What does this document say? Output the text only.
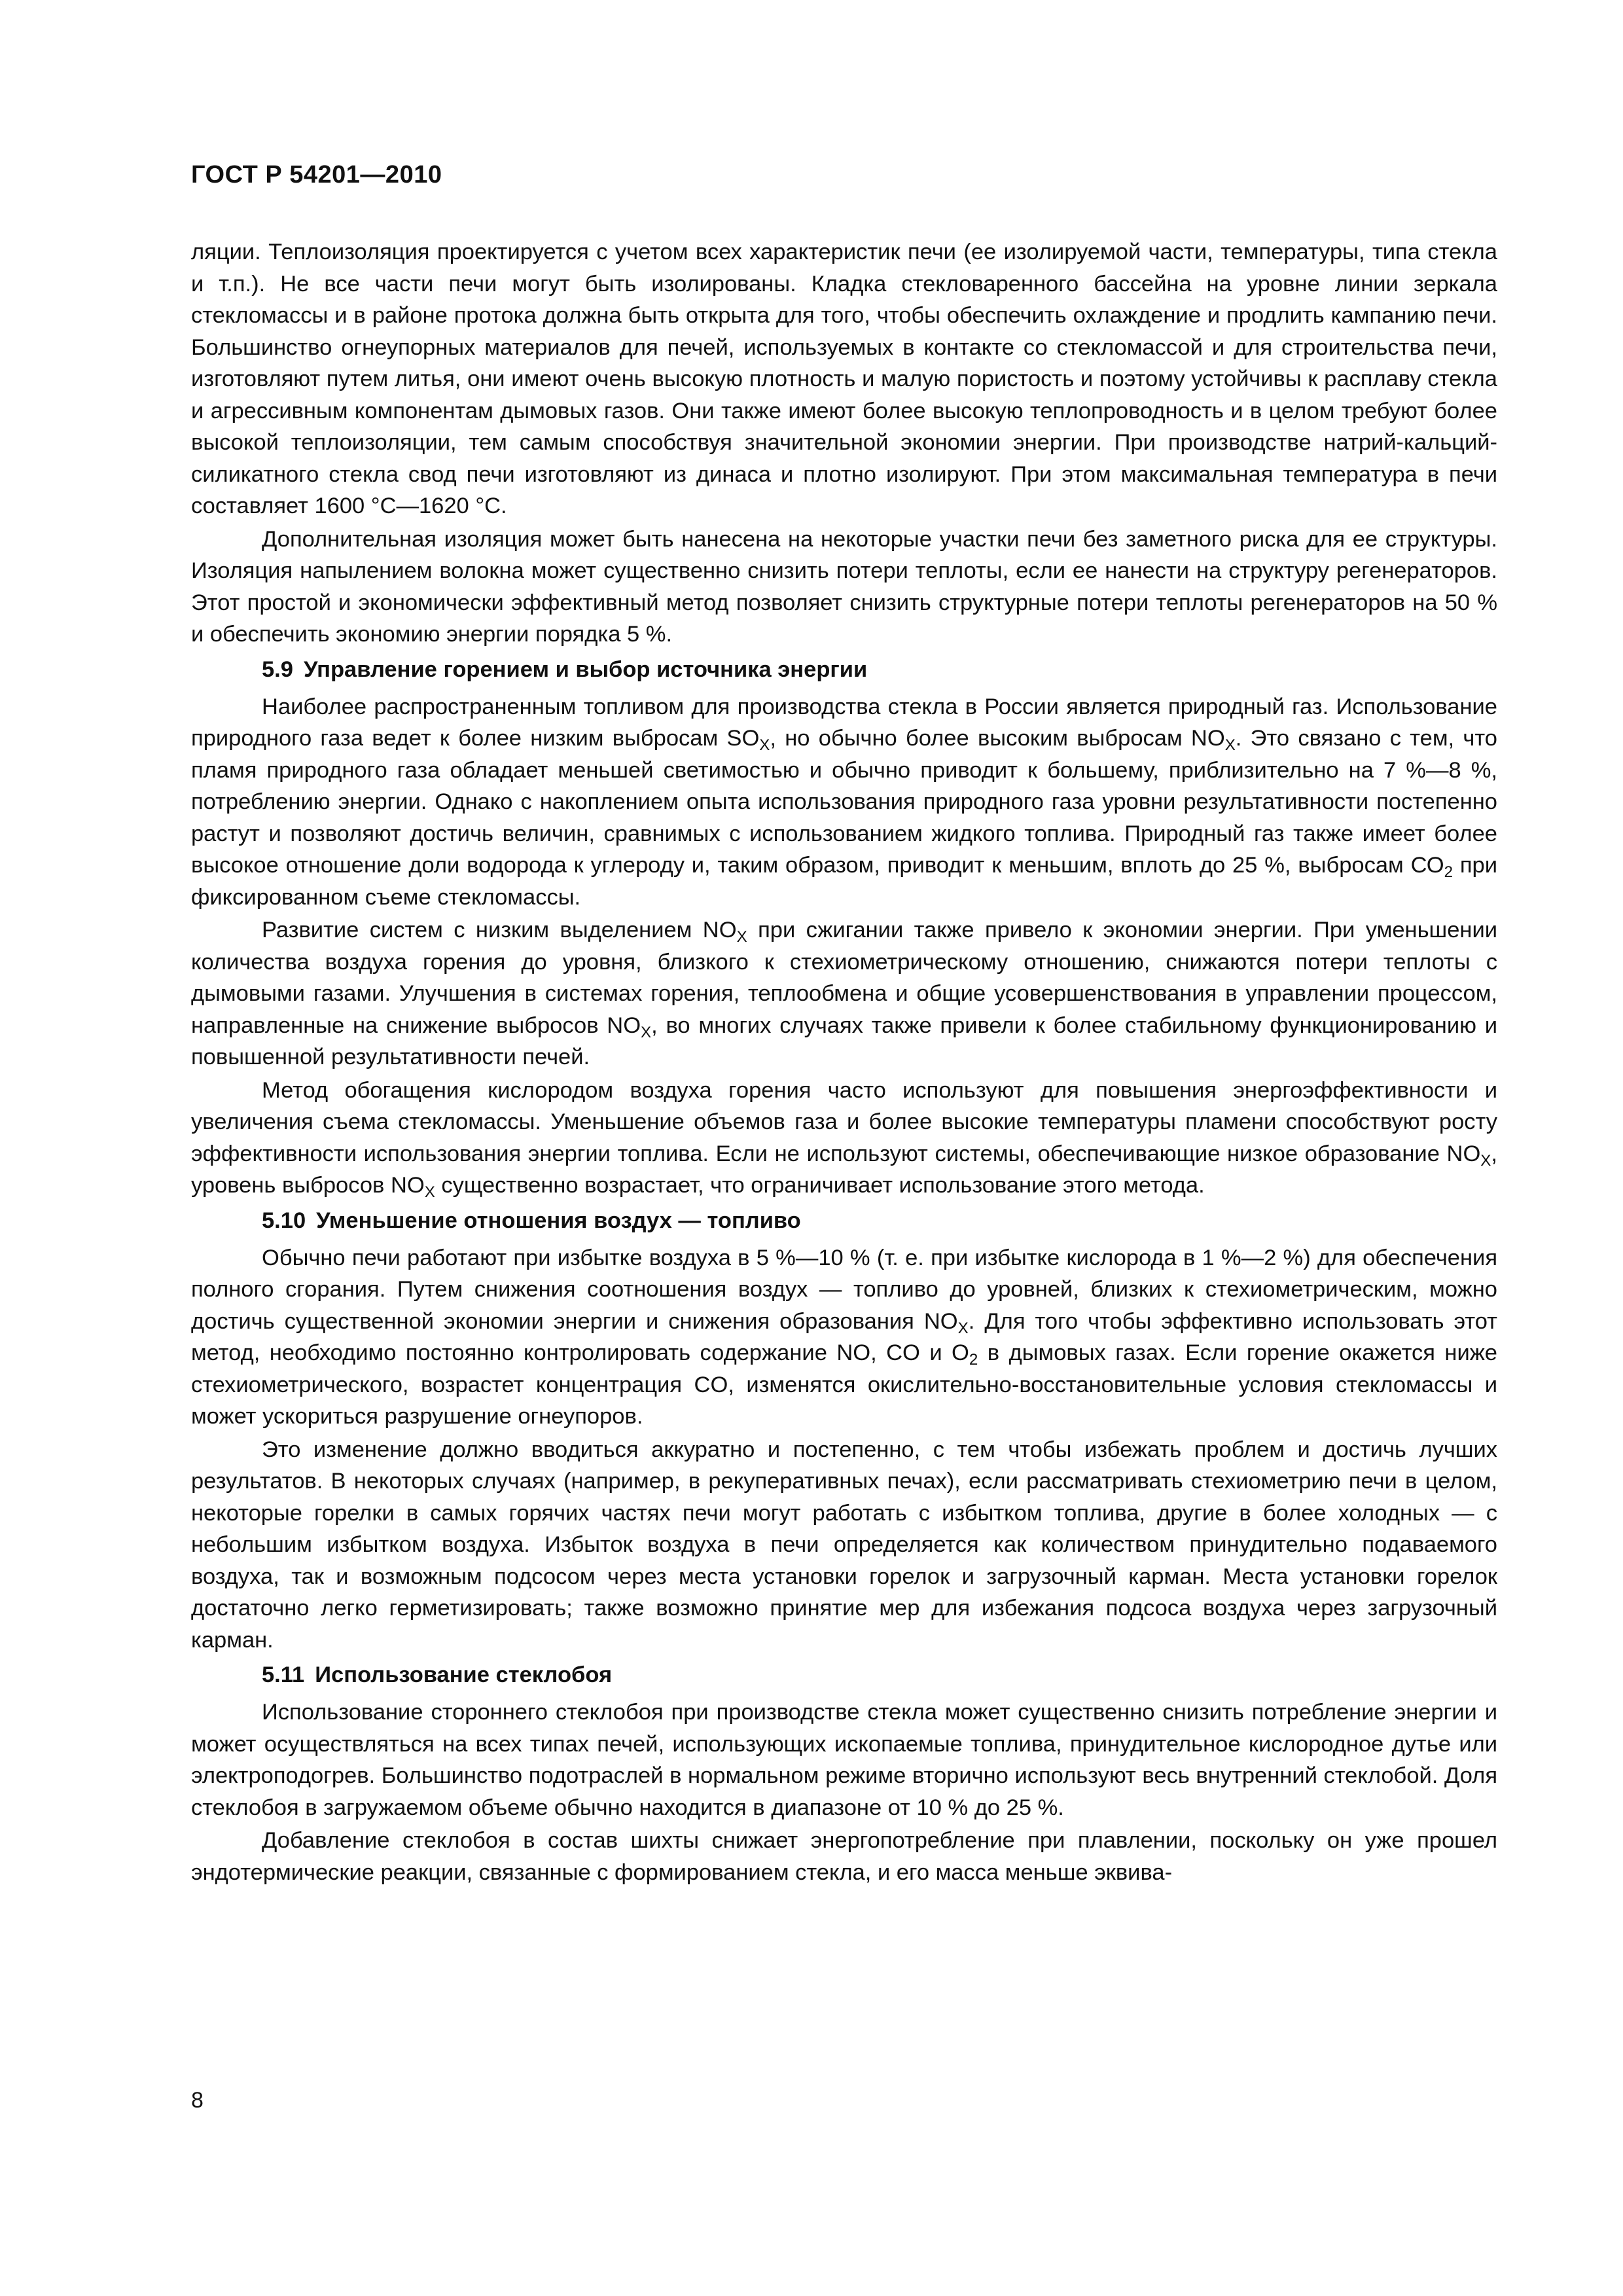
ГОСТ Р 54201—2010

ляции. Теплоизоляция проектируется с учетом всех характеристик печи (ее изолируемой части, температуры, типа стекла и т.п.). Не все части печи могут быть изолированы. Кладка стекловаренного бассейна на уровне линии зеркала стекломассы и в районе протока должна быть открыта для того, чтобы обеспечить охлаждение и продлить кампанию печи. Большинство огнеупорных материалов для печей, используемых в контакте со стекломассой и для строительства печи, изготовляют путем литья, они имеют очень высокую плотность и малую пористость и поэтому устойчивы к расплаву стекла и агрессивным компонентам дымовых газов. Они также имеют более высокую теплопроводность и в целом требуют более высокой теплоизоляции, тем самым способствуя значительной экономии энергии. При производстве натрий-кальций-силикатного стекла свод печи изготовляют из динаса и плотно изолируют. При этом максимальная температура в печи составляет 1600 °С—1620 °С.

Дополнительная изоляция может быть нанесена на некоторые участки печи без заметного риска для ее структуры. Изоляция напылением волокна может существенно снизить потери теплоты, если ее нанести на структуру регенераторов. Этот простой и экономически эффективный метод позволяет снизить структурные потери теплоты регенераторов на 50 % и обеспечить экономию энергии порядка 5 %.

5.9 Управление горением и выбор источника энергии

Наиболее распространенным топливом для производства стекла в России является природный газ. Использование природного газа ведет к более низким выбросам $SO_X$, но обычно более высоким выбросам $NO_X$. Это связано с тем, что пламя природного газа обладает меньшей светимостью и обычно приводит к большему, приблизительно на 7 %—8 %, потреблению энергии. Однако с накоплением опыта использования природного газа уровни результативности постепенно растут и позволяют достичь величин, сравнимых с использованием жидкого топлива. Природный газ также имеет более высокое отношение доли водорода к углероду и, таким образом, приводит к меньшим, вплоть до 25 %, выбросам $СО_2$ при фиксированном съеме стекломассы.

Развитие систем с низким выделением $NO_X$ при сжигании также привело к экономии энергии. При уменьшении количества воздуха горения до уровня, близкого к стехиометрическому отношению, снижаются потери теплоты с дымовыми газами. Улучшения в системах горения, теплообмена и общие усовершенствования в управлении процессом, направленные на снижение выбросов $NO_X$, во многих случаях также привели к более стабильному функционированию и повышенной результативности печей.

Метод обогащения кислородом воздуха горения часто используют для повышения энергоэффективности и увеличения съема стекломассы. Уменьшение объемов газа и более высокие температуры пламени способствуют росту эффективности использования энергии топлива. Если не используют системы, обеспечивающие низкое образование $NO_X$, уровень выбросов $NO_X$ существенно возрастает, что ограничивает использование этого метода.

5.10 Уменьшение отношения воздух — топливо

Обычно печи работают при избытке воздуха в 5 %—10 % (т. е. при избытке кислорода в 1 %—2 %) для обеспечения полного сгорания. Путем снижения соотношения воздух — топливо до уровней, близких к стехиометрическим, можно достичь существенной экономии энергии и снижения образования $NO_X$. Для того чтобы эффективно использовать этот метод, необходимо постоянно контролировать содержание NO, CO и $O_2$ в дымовых газах. Если горение окажется ниже стехиометрического, возрастет концентрация CO, изменятся окислительно-восстановительные условия стекломассы и может ускориться разрушение огнеупоров.

Это изменение должно вводиться аккуратно и постепенно, с тем чтобы избежать проблем и достичь лучших результатов. В некоторых случаях (например, в рекуперативных печах), если рассматривать стехиометрию печи в целом, некоторые горелки в самых горячих частях печи могут работать с избытком топлива, другие в более холодных — с небольшим избытком воздуха. Избыток воздуха в печи определяется как количеством принудительно подаваемого воздуха, так и возможным подсосом через места установки горелок и загрузочный карман. Места установки горелок достаточно легко герметизировать; также возможно принятие мер для избежания подсоса воздуха через загрузочный карман.

5.11 Использование стеклобоя

Использование стороннего стеклобоя при производстве стекла может существенно снизить потребление энергии и может осуществляться на всех типах печей, использующих ископаемые топлива, принудительное кислородное дутье или электроподогрев. Большинство подотраслей в нормальном режиме вторично используют весь внутренний стеклобой. Доля стеклобоя в загружаемом объеме обычно находится в диапазоне от 10 % до 25 %.

Добавление стеклобоя в состав шихты снижает энергопотребление при плавлении, поскольку он уже прошел эндотермические реакции, связанные с формированием стекла, и его масса меньше эквива-

8
